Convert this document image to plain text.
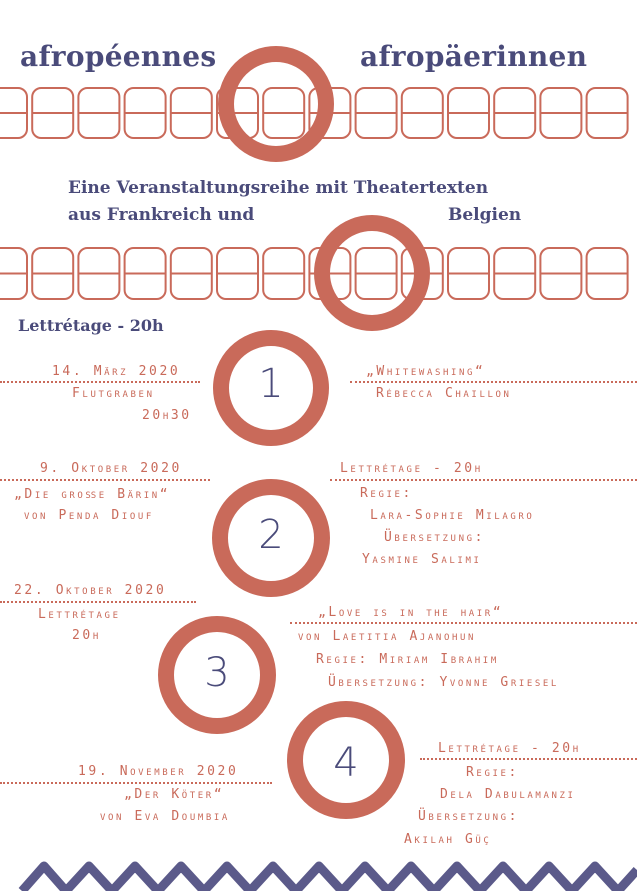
afropéennes	afropäerinnen
Eine Veranstaltungsreihe mit Theatertexten
aus Frankreich und	Belgien
Lettrétage - 20h
14. März 2020
Flutgraben
20h30
1	„Whitewashing“
Rébecca Chaillon
9. Oktober 2020
„Die große Bärin“
von Penda Diouf	2
Lettrétage - 20h
Regie:
Lara-Sophie Milagro
Übersetzung:
Yasmine Salimi
22. Oktober 2020
Lettrétage
20h
3
„Love is in the hair“
von Laetitia Ajanohun
Regie: Miriam Ibrahim
Übersetzung: Yvonne Griesel
19. November 2020
„Der Köter“
von Eva Doumbia
4	Lettrétage - 20h
Regie:
Dela Dabulamanzi
Übersetzung:
Akilah Güç
